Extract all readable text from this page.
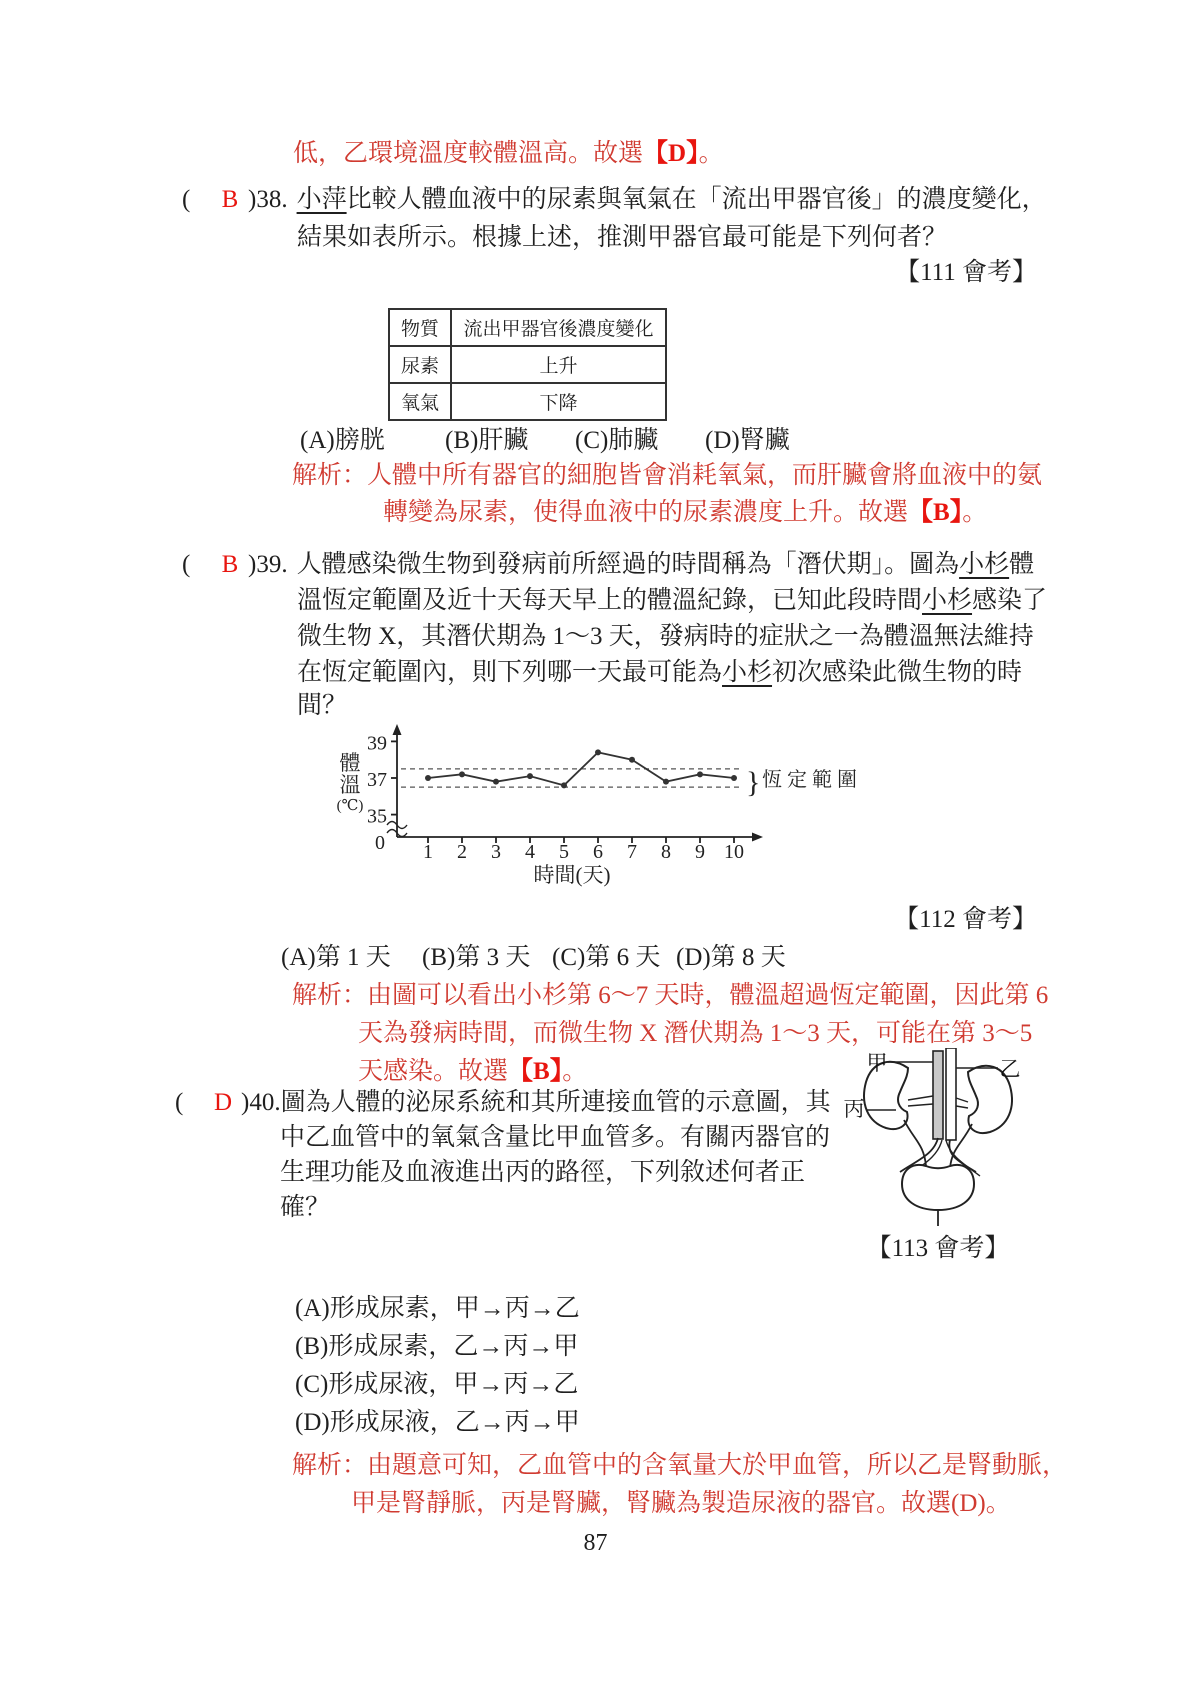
低，乙環境溫度較體溫高。故選【D】。
( B )38. 小萍比較人體血液中的尿素與氧氣在「流出甲器官後」的濃度變化，
結果如表所示。根據上述，推測甲器官最可能是下列何者？
【111 會考】
物質	流出甲器官後濃度變化
尿素	上升
氧氣	下降
(A)膀胱 (B)肝臟 (C)肺臟 (D)腎臟
解析：人體中所有器官的細胞皆會消耗氧氣，而肝臟會將血液中的氨
轉變為尿素，使得血液中的尿素濃度上升。故選【B】。
( B )39. 人體感染微生物到發病前所經過的時間稱為「潛伏期」。圖為小杉體
溫恆定範圍及近十天每天早上的體溫紀錄，已知此段時間小杉感染了
微生物 X，其潛伏期為 1～3 天，發病時的症狀之一為體溫無法維持
在恆定範圍內，則下列哪一天最可能為小杉初次感染此微生物的時
間？
39
37
35
0
} 恆定範圍
1 2 3 4 5 6 7 8 9 10
時間(天)
體
溫
(℃)
【112 會考】
(A)第 1 天 (B)第 3 天 (C)第 6 天 (D)第 8 天
解析：由圖可以看出小杉第 6～7 天時，體溫超過恆定範圍，因此第 6
天為發病時間，而微生物 X 潛伏期為 1～3 天，可能在第 3～5
天感染。故選【B】。
( D )40.圖為人體的泌尿系統和其所連接血管的示意圖，其
中乙血管中的氧氣含量比甲血管多。有關丙器官的
生理功能及血液進出丙的路徑，下列敘述何者正
確？
甲	乙
丙
【113 會考】
(A)形成尿素，甲→丙→乙
(B)形成尿素，乙→丙→甲
(C)形成尿液，甲→丙→乙
(D)形成尿液，乙→丙→甲
解析：由題意可知，乙血管中的含氧量大於甲血管，所以乙是腎動脈，
甲是腎靜脈，丙是腎臟，腎臟為製造尿液的器官。故選(D)。
87
